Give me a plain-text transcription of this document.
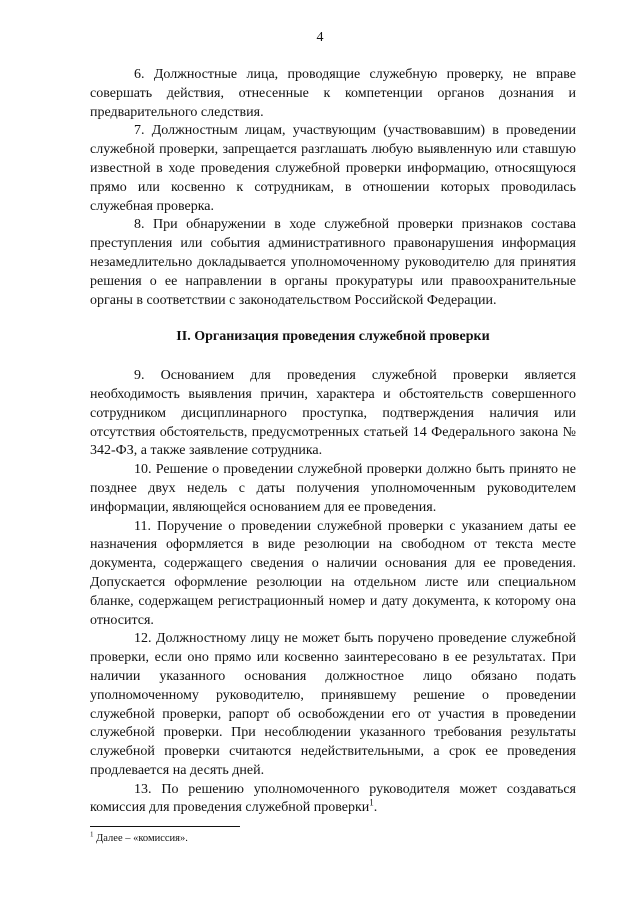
4

6. Должностные лица, проводящие служебную проверку, не вправе совершать действия, отнесенные к компетенции органов дознания и предварительного следствия.

7. Должностным лицам, участвующим (участвовавшим) в проведении служебной проверки, запрещается разглашать любую выявленную или ставшую известной в ходе проведения служебной проверки информацию, относящуюся прямо или косвенно к сотрудникам, в отношении которых проводилась служебная проверка.

8. При обнаружении в ходе служебной проверки признаков состава преступления или события административного правонарушения информация незамедлительно докладывается уполномоченному руководителю для принятия решения о ее направлении в органы прокуратуры или правоохранительные органы в соответствии с законодательством Российской Федерации.

II. Организация проведения служебной проверки

9. Основанием для проведения служебной проверки является необходимость выявления причин, характера и обстоятельств совершенного сотрудником дисциплинарного проступка, подтверждения наличия или отсутствия обстоятельств, предусмотренных статьей 14 Федерального закона № 342-ФЗ, а также заявление сотрудника.

10. Решение о проведении служебной проверки должно быть принято не позднее двух недель с даты получения уполномоченным руководителем информации, являющейся основанием для ее проведения.

11. Поручение о проведении служебной проверки с указанием даты ее назначения оформляется в виде резолюции на свободном от текста месте документа, содержащего сведения о наличии основания для ее проведения. Допускается оформление резолюции на отдельном листе или специальном бланке, содержащем регистрационный номер и дату документа, к которому она относится.

12. Должностному лицу не может быть поручено проведение служебной проверки, если оно прямо или косвенно заинтересовано в ее результатах. При наличии указанного основания должностное лицо обязано подать уполномоченному руководителю, принявшему решение о проведении служебной проверки, рапорт об освобождении его от участия в проведении служебной проверки. При несоблюдении указанного требования результаты служебной проверки считаются недействительными, а срок ее проведения продлевается на десять дней.

13. По решению уполномоченного руководителя может создаваться комиссия для проведения служебной проверки$^1$.

$^1$ Далее – «комиссия».
